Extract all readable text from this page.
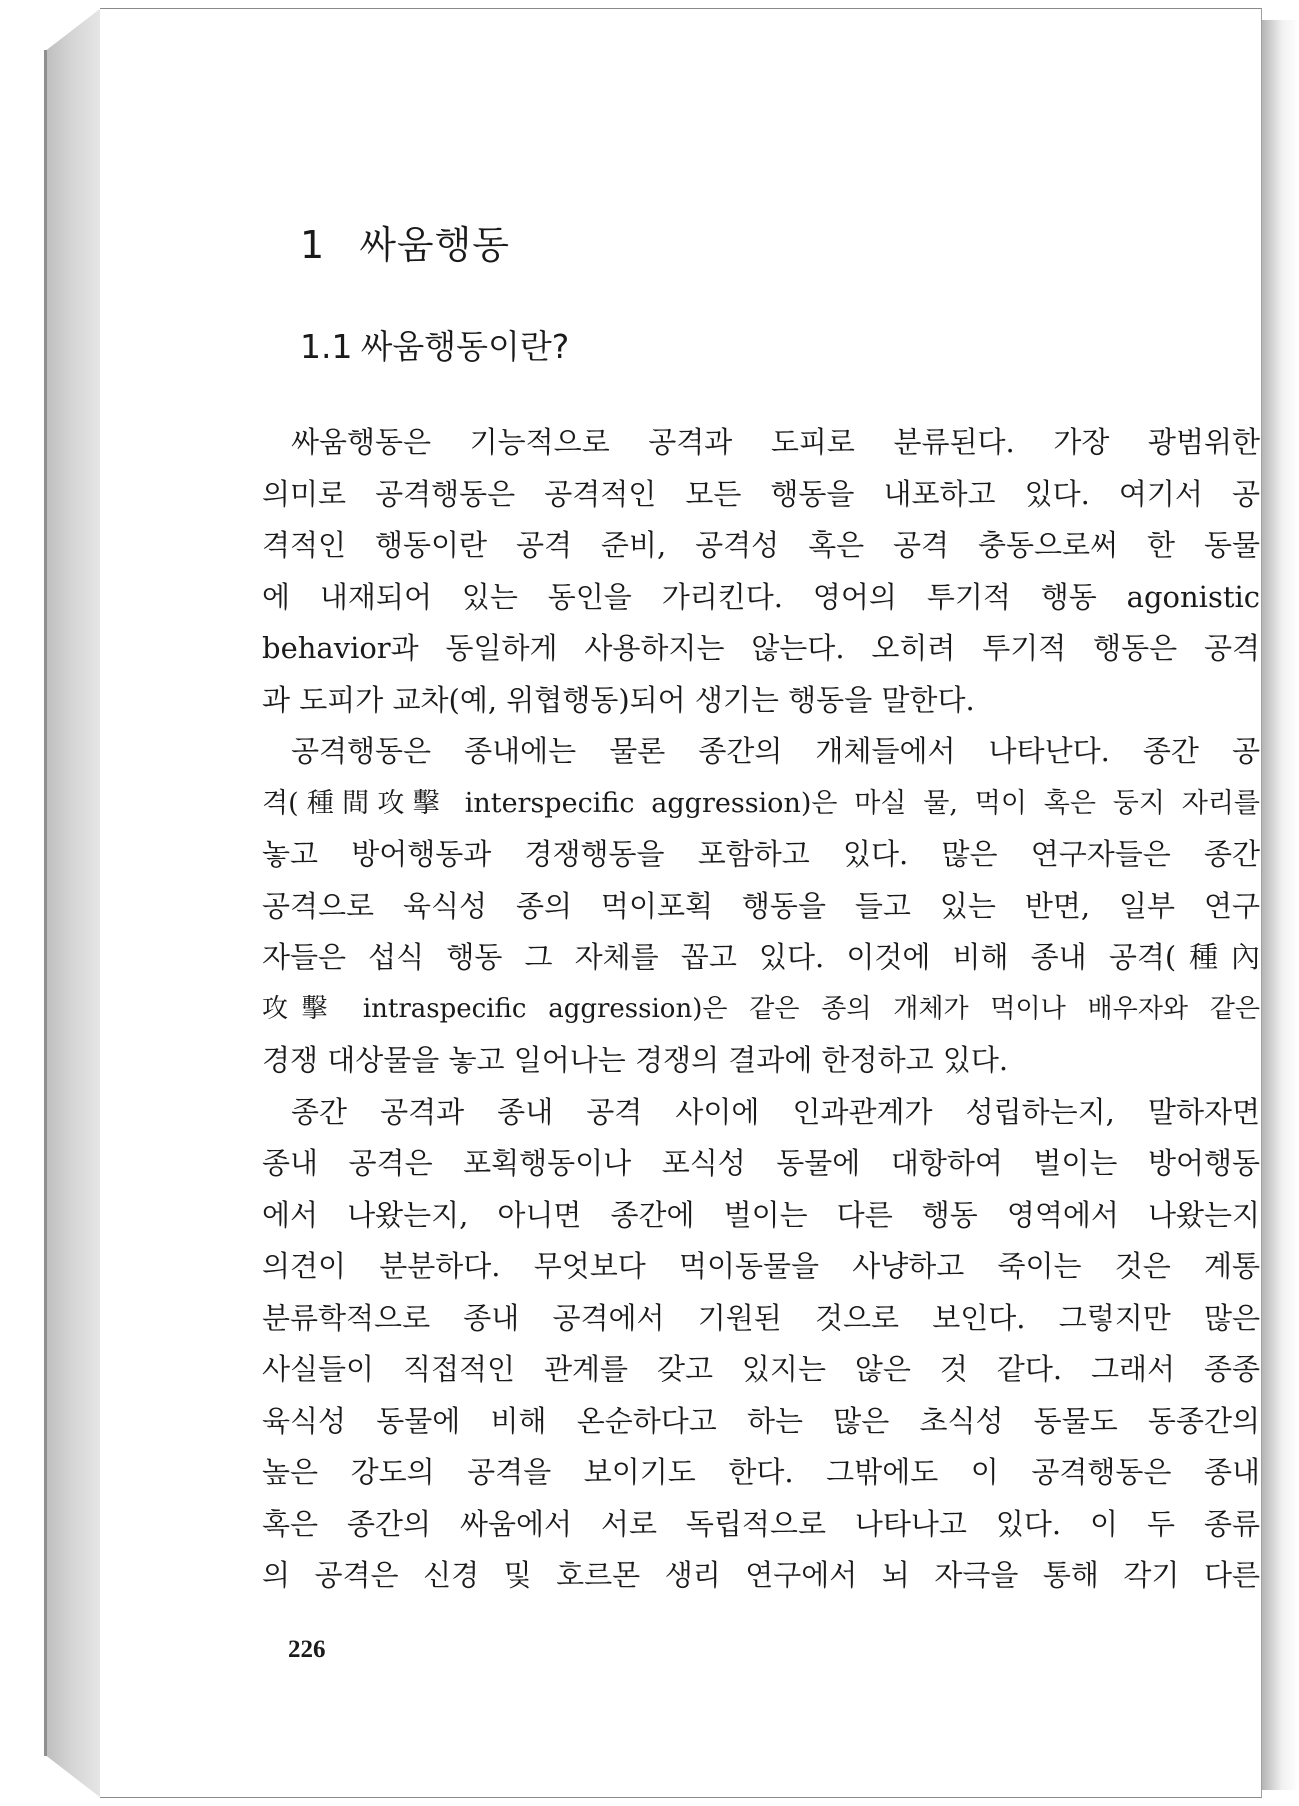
1 싸움행동
1.1 싸움행동이란?
싸움행동은 기능적으로 공격과 도피로 분류된다. 가장 광범위한
의미로 공격행동은 공격적인 모든 행동을 내포하고 있다. 여기서 공
격적인 행동이란 공격 준비, 공격성 혹은 공격 충동으로써 한 동물
에 내재되어 있는 동인을 가리킨다. 영어의 투기적 행동 agonistic
behavior과 동일하게 사용하지는 않는다. 오히려 투기적 행동은 공격
과 도피가 교차(예, 위협행동)되어 생기는 행동을 말한다.
공격행동은 종내에는 물론 종간의 개체들에서 나타난다. 종간 공
격(種間攻擊 interspecific aggression)은 마실 물, 먹이 혹은 둥지 자리를
놓고 방어행동과 경쟁행동을 포함하고 있다. 많은 연구자들은 종간
공격으로 육식성 종의 먹이포획 행동을 들고 있는 반면, 일부 연구
자들은 섭식 행동 그 자체를 꼽고 있다. 이것에 비해 종내 공격(種內
攻擊 intraspecific aggression)은 같은 종의 개체가 먹이나 배우자와 같은
경쟁 대상물을 놓고 일어나는 경쟁의 결과에 한정하고 있다.
종간 공격과 종내 공격 사이에 인과관계가 성립하는지, 말하자면
종내 공격은 포획행동이나 포식성 동물에 대항하여 벌이는 방어행동
에서 나왔는지, 아니면 종간에 벌이는 다른 행동 영역에서 나왔는지
의견이 분분하다. 무엇보다 먹이동물을 사냥하고 죽이는 것은 계통
분류학적으로 종내 공격에서 기원된 것으로 보인다. 그렇지만 많은
사실들이 직접적인 관계를 갖고 있지는 않은 것 같다. 그래서 종종
육식성 동물에 비해 온순하다고 하는 많은 초식성 동물도 동종간의
높은 강도의 공격을 보이기도 한다. 그밖에도 이 공격행동은 종내
혹은 종간의 싸움에서 서로 독립적으로 나타나고 있다. 이 두 종류
의 공격은 신경 및 호르몬 생리 연구에서 뇌 자극을 통해 각기 다른

226
